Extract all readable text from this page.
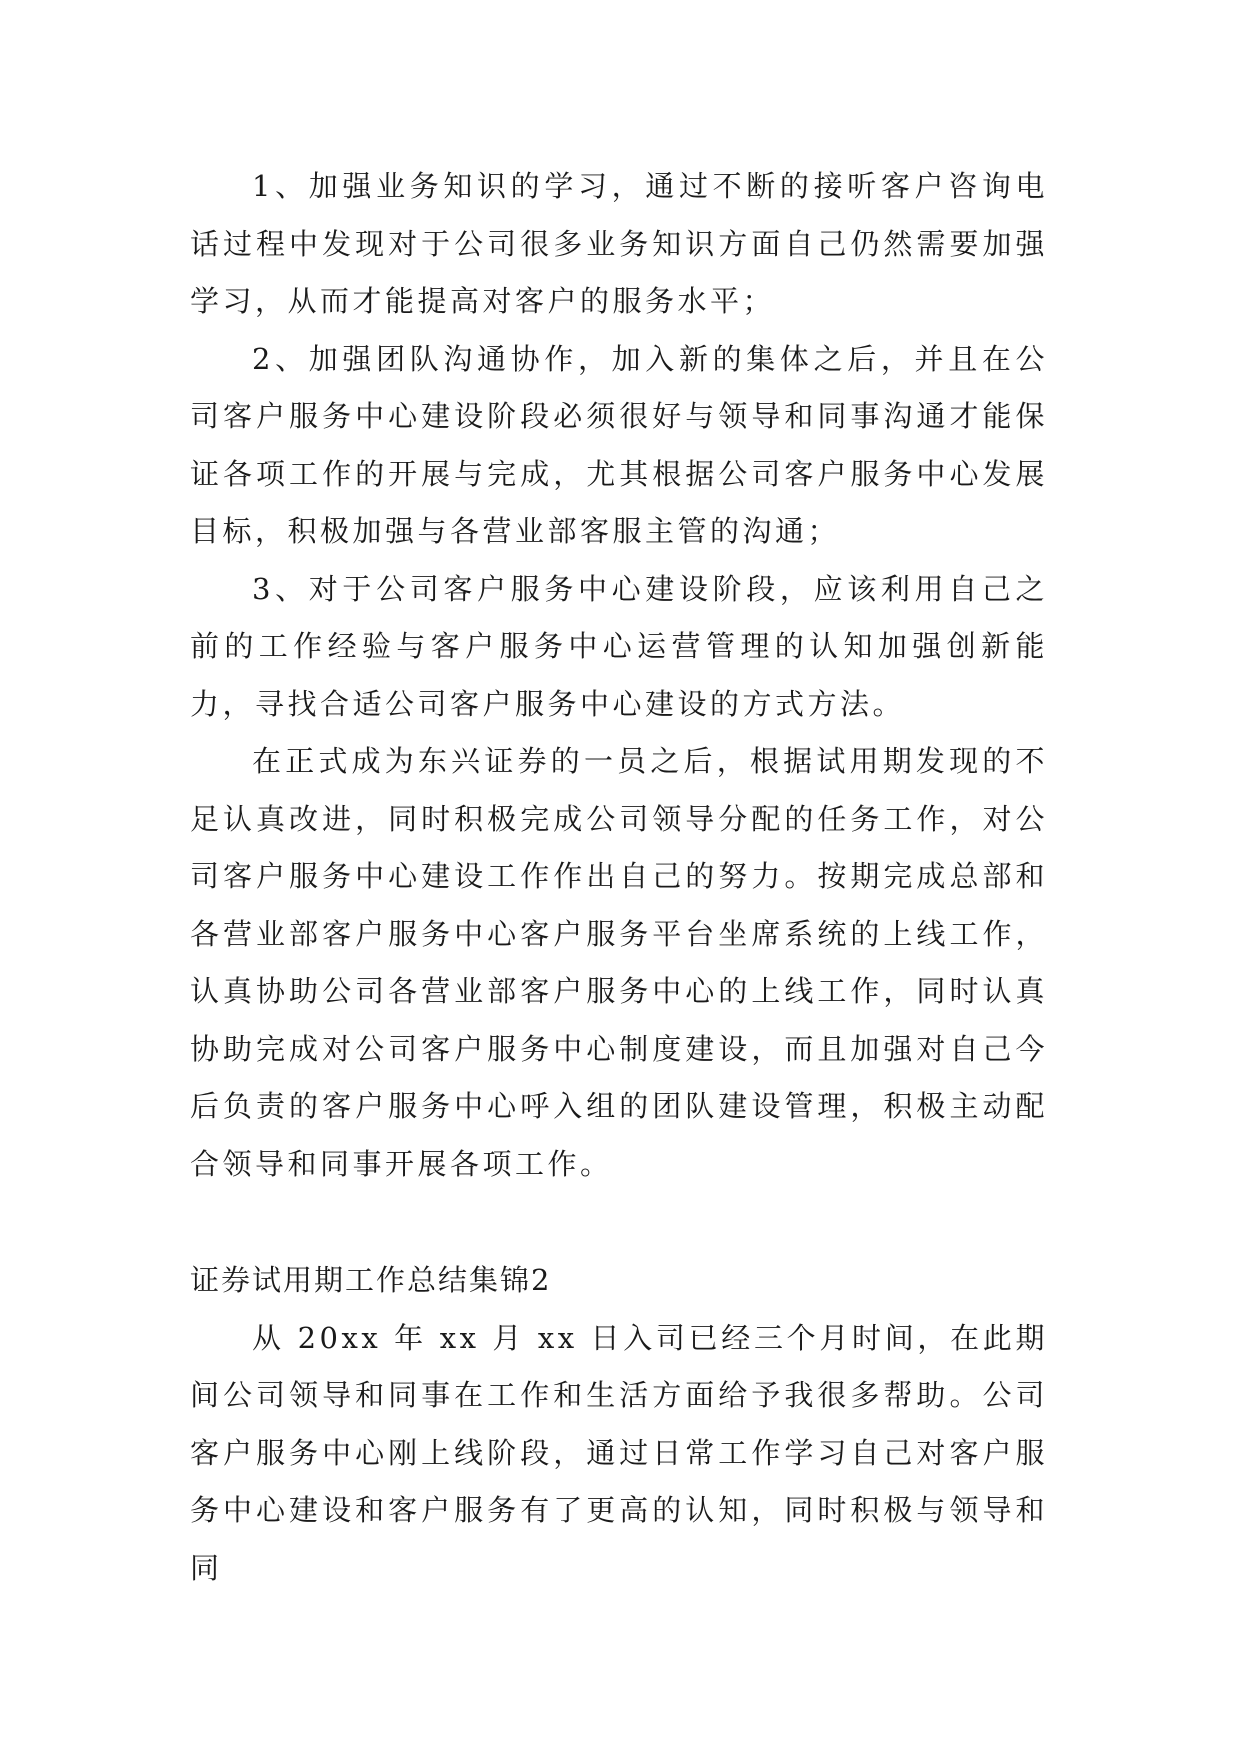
1、加强业务知识的学习，通过不断的接听客户咨询电话过程中发现对于公司很多业务知识方面自己仍然需要加强学习，从而才能提高对客户的服务水平；

2、加强团队沟通协作，加入新的集体之后，并且在公司客户服务中心建设阶段必须很好与领导和同事沟通才能保证各项工作的开展与完成，尤其根据公司客户服务中心发展目标，积极加强与各营业部客服主管的沟通；

3、对于公司客户服务中心建设阶段，应该利用自己之前的工作经验与客户服务中心运营管理的认知加强创新能力，寻找合适公司客户服务中心建设的方式方法。

在正式成为东兴证券的一员之后，根据试用期发现的不足认真改进，同时积极完成公司领导分配的任务工作，对公司客户服务中心建设工作作出自己的努力。按期完成总部和各营业部客户服务中心客户服务平台坐席系统的上线工作，认真协助公司各营业部客户服务中心的上线工作，同时认真协助完成对公司客户服务中心制度建设，而且加强对自己今后负责的客户服务中心呼入组的团队建设管理，积极主动配合领导和同事开展各项工作。

证券试用期工作总结集锦2

从 20xx 年 xx 月 xx 日入司已经三个月时间，在此期间公司领导和同事在工作和生活方面给予我很多帮助。公司客户服务中心刚上线阶段，通过日常工作学习自己对客户服务中心建设和客户服务有了更高的认知，同时积极与领导和同
